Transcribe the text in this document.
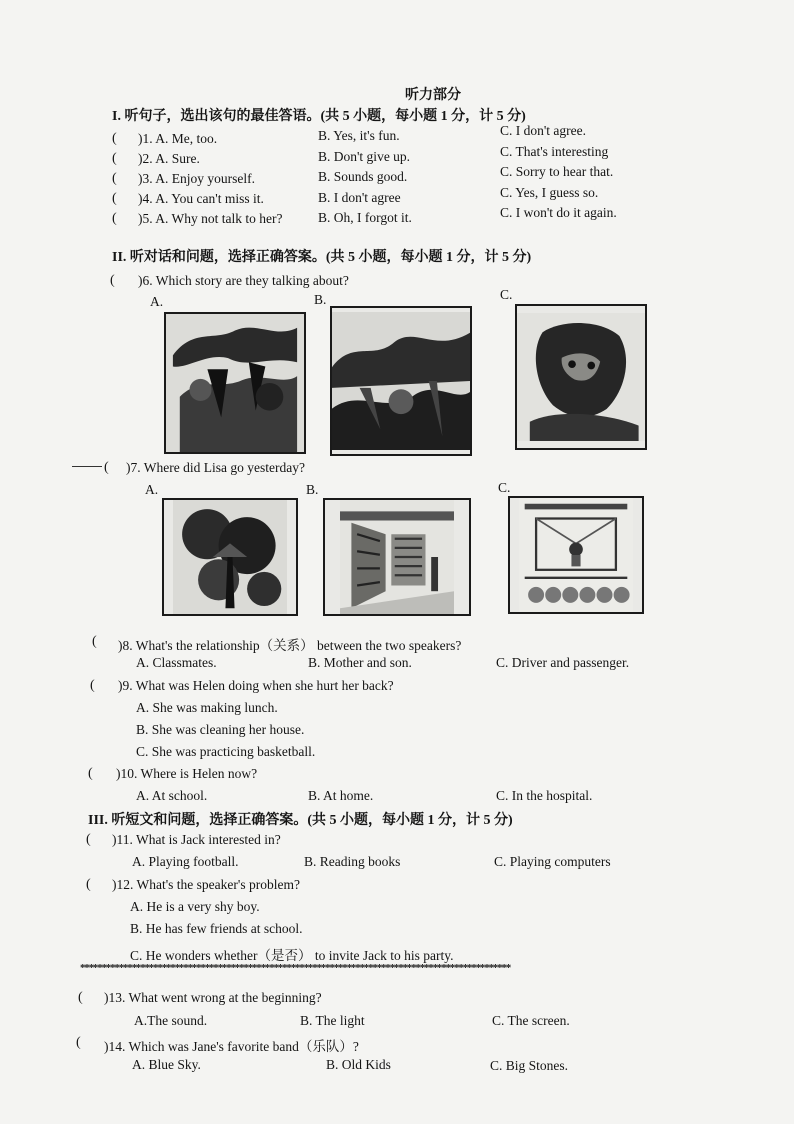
听力部分
I. 听句子，选出该句的最佳答语。(共 5 小题，每小题 1 分，计 5 分)
( )1. A. Me, too.	B. Yes, it's fun.	C. I don't agree.
( )2. A. Sure.	B. Don't give up.	C. That's interesting
( )3. A. Enjoy yourself.	B. Sounds good.	C. Sorry to hear that.
( )4. A. You can't miss it.	B. I don't agree	C. Yes, I guess so.
( )5. A. Why not talk to her?	B. Oh, I forgot it.	C. I won't do it again.
II. 听对话和问题，选择正确答案。(共 5 小题，每小题 1 分，计 5 分)
( )6. Which story are they talking about?
A.	B.	C.
( )7. Where did Lisa go yesterday?
A.	B.	C.
( )8. What's the relationship（关系） between the two speakers?
A. Classmates.	B. Mother and son.	C. Driver and passenger.
( )9. What was Helen doing when she hurt her back?
A. She was making lunch.
B. She was cleaning her house.
C. She was practicing basketball.
( )10. Where is Helen now?
A. At school.	B. At home.	C. In the hospital.
III. 听短文和问题，选择正确答案。(共 5 小题，每小题 1 分，计 5 分)
( )11. What is Jack interested in?
A. Playing football.	B. Reading books	C. Playing computers
( )12. What's the speaker's problem?
A. He is a very shy boy.
B. He has few friends at school.
C. He wonders whether（是否） to invite Jack to his party.
****************************************************************************************************
( )13. What went wrong at the beginning?
A.The sound.	B. The light	C. The screen.
( )14. Which was Jane's favorite band（乐队）?
A. Blue Sky.	B. Old Kids	C. Big Stones.
